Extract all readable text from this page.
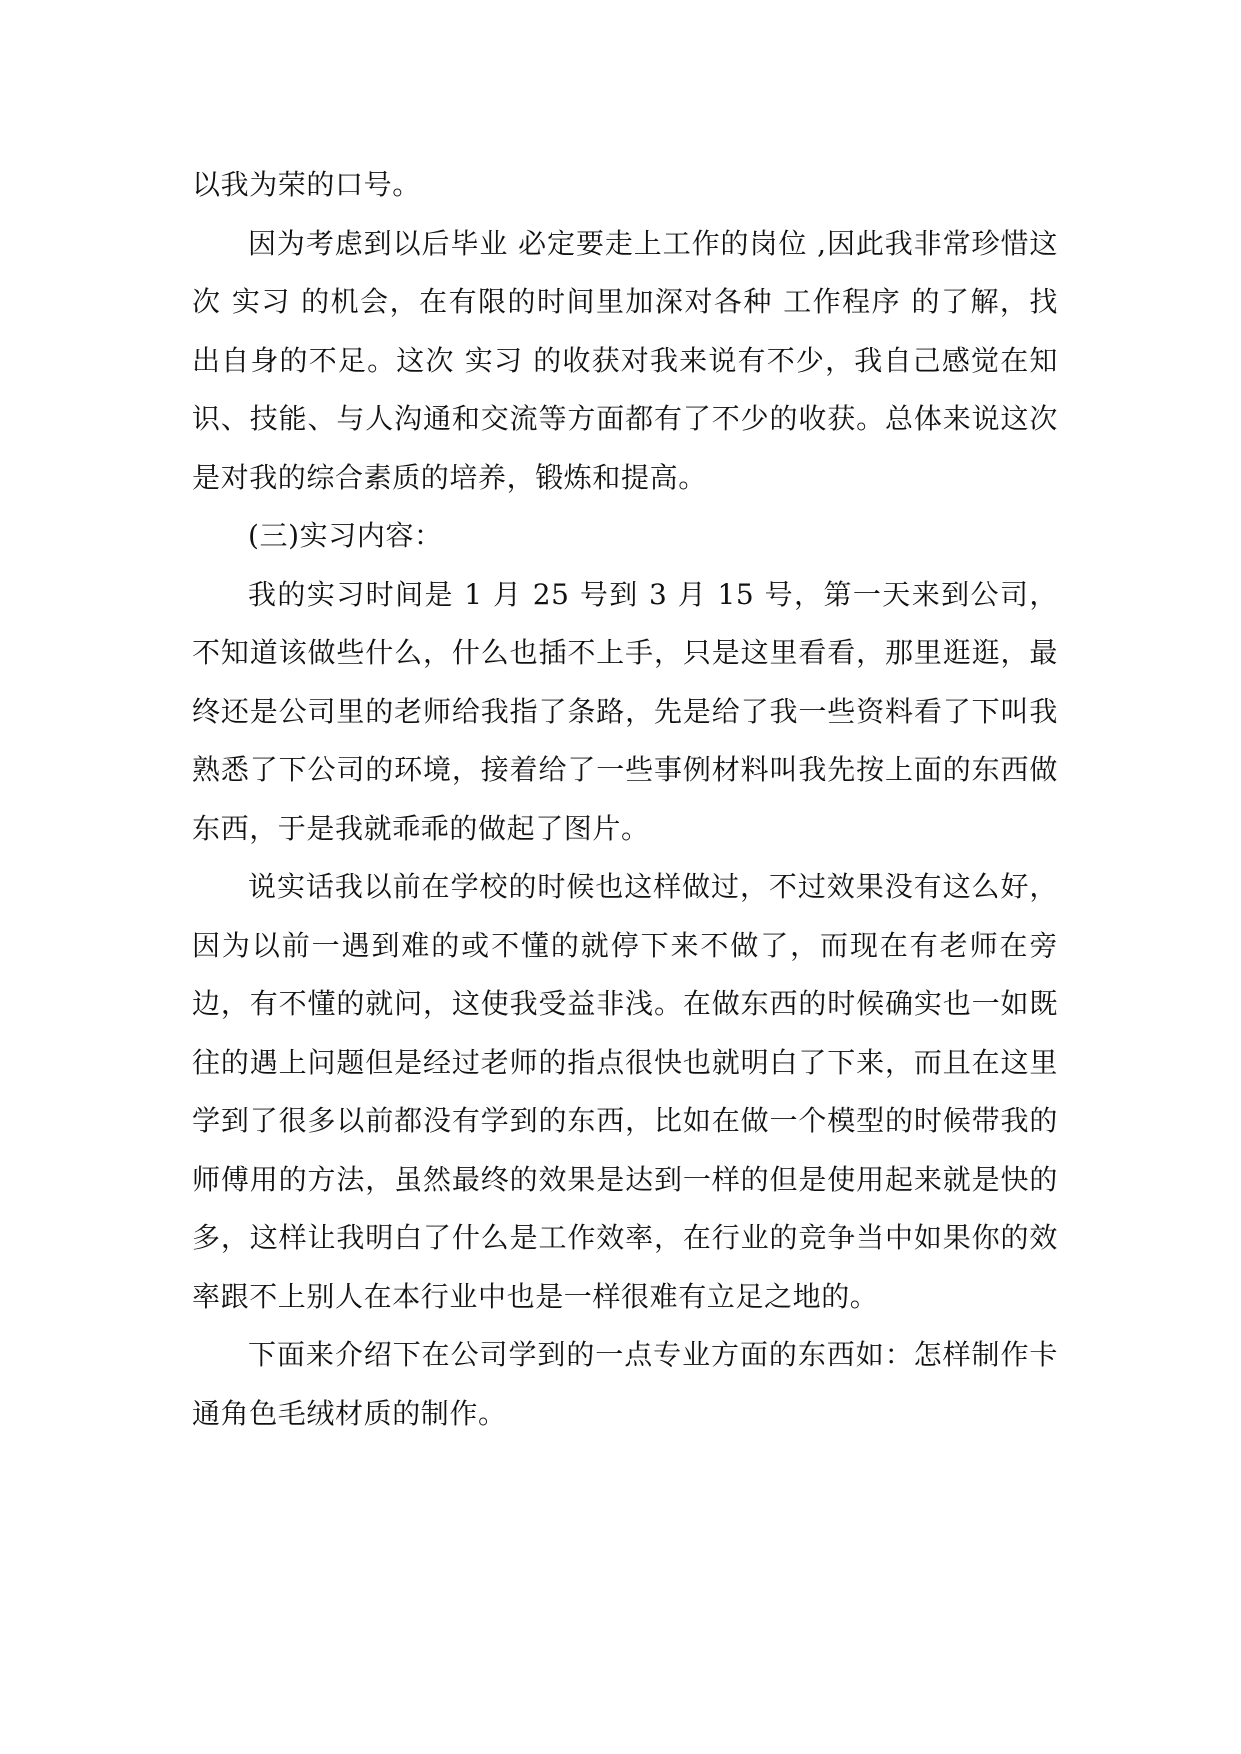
以我为荣的口号。

因为考虑到以后毕业 必定要走上工作的岗位 ,因此我非常珍惜这次 实习 的机会，在有限的时间里加深对各种 工作程序 的了解，找出自身的不足。这次 实习 的收获对我来说有不少，我自己感觉在知识、技能、与人沟通和交流等方面都有了不少的收获。总体来说这次是对我的综合素质的培养，锻炼和提高。

(三)实习内容：

我的实习时间是 1 月 25 号到 3 月 15 号，第一天来到公司，不知道该做些什么，什么也插不上手，只是这里看看，那里逛逛，最终还是公司里的老师给我指了条路，先是给了我一些资料看了下叫我熟悉了下公司的环境，接着给了一些事例材料叫我先按上面的东西做东西，于是我就乖乖的做起了图片。

说实话我以前在学校的时候也这样做过，不过效果没有这么好，因为以前一遇到难的或不懂的就停下来不做了，而现在有老师在旁边，有不懂的就问，这使我受益非浅。在做东西的时候确实也一如既往的遇上问题但是经过老师的指点很快也就明白了下来，而且在这里学到了很多以前都没有学到的东西，比如在做一个模型的时候带我的师傅用的方法，虽然最终的效果是达到一样的但是使用起来就是快的多，这样让我明白了什么是工作效率，在行业的竞争当中如果你的效率跟不上别人在本行业中也是一样很难有立足之地的。

下面来介绍下在公司学到的一点专业方面的东西如：怎样制作卡通角色毛绒材质的制作。
